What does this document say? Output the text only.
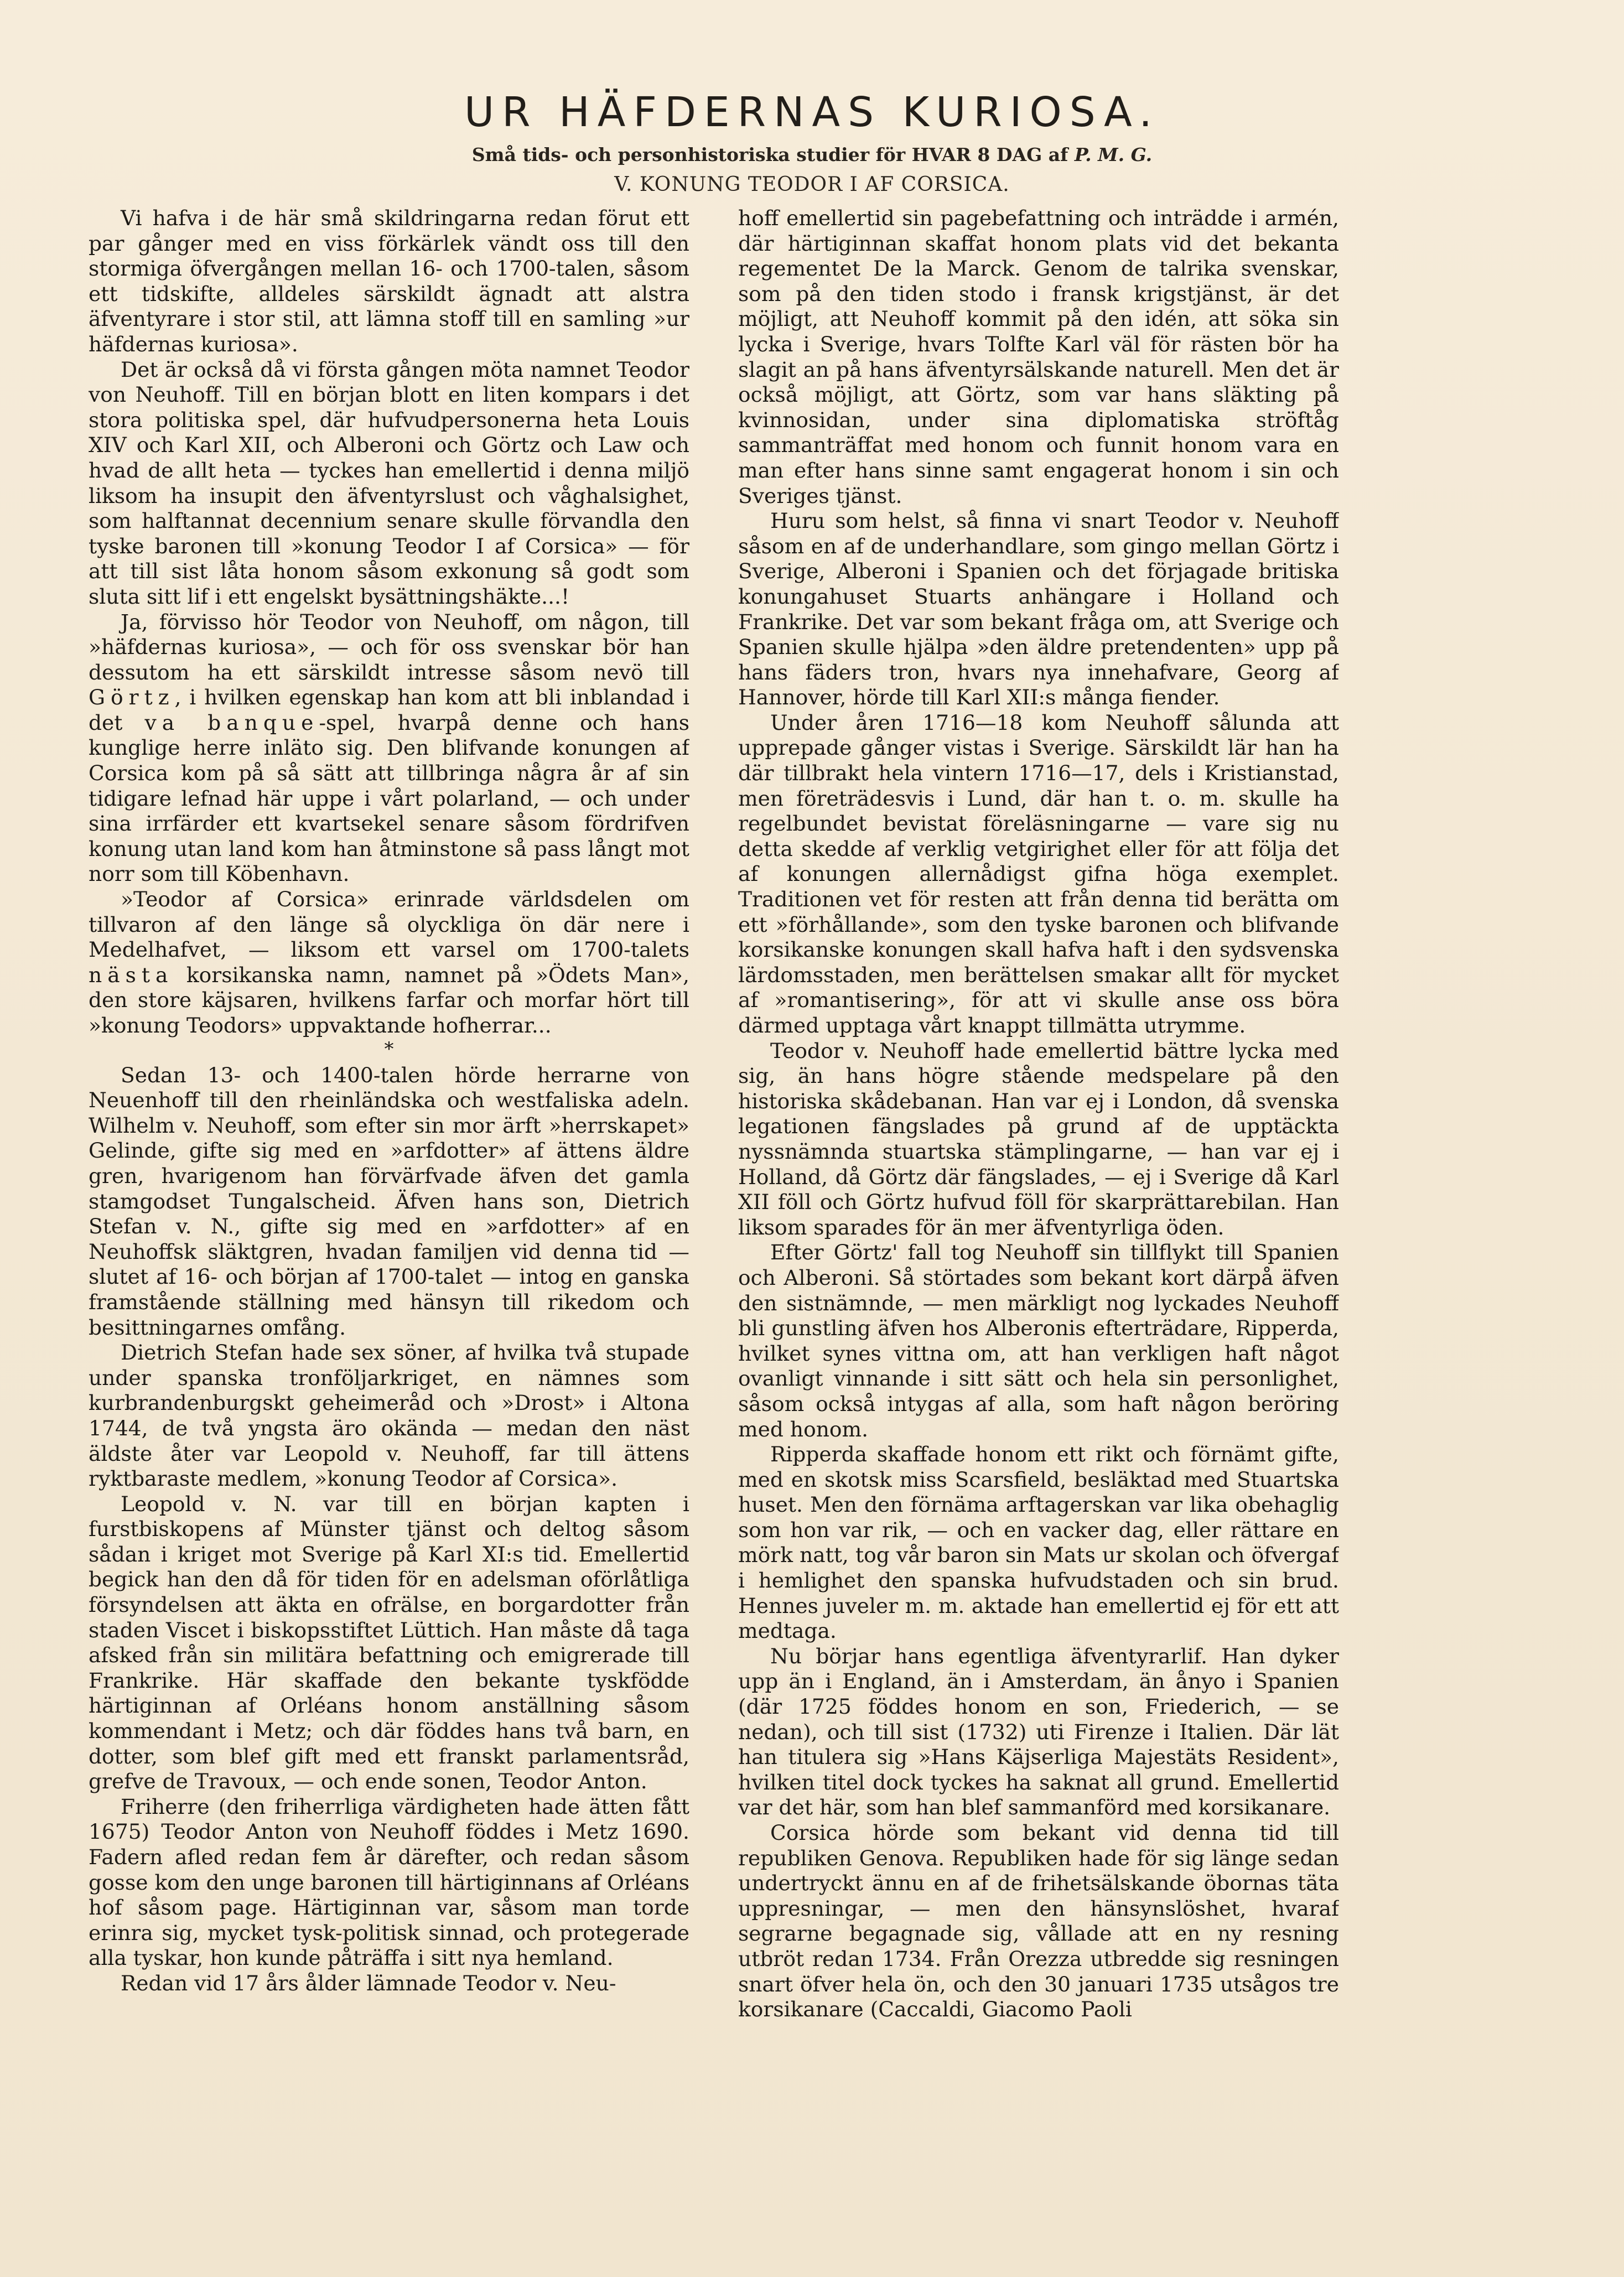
UR HÄFDERNAS KURIOSA.
Små tids- och personhistoriska studier för HVAR 8 DAG af P. M. G.
V. KONUNG TEODOR I AF CORSICA.

Vi hafva i de här små skildringarna redan förut ett par gånger med en viss förkärlek vändt oss till den stormiga öfvergången mellan 16- och 1700-talen, såsom ett tidskifte, alldeles särskildt ägnadt att alstra äfventyrare i stor stil, att lämna stoff till en samling »ur häfdernas kuriosa».

Det är också då vi första gången möta namnet Teodor von Neuhoff. Till en början blott en liten kompars i det stora politiska spel, där hufvudpersonerna heta Louis XIV och Karl XII, och Alberoni och Görtz och Law och hvad de allt heta — tyckes han emellertid i denna miljö liksom ha insupit den äfventyrslust och våghalsighet, som halftannat decennium senare skulle förvandla den tyske baronen till »konung Teodor I af Corsica» — för att till sist låta honom såsom exkonung så godt som sluta sitt lif i ett engelskt bysättningshäkte...!

Ja, förvisso hör Teodor von Neuhoff, om någon, till »häfdernas kuriosa», — och för oss svenskar bör han dessutom ha ett särskildt intresse såsom nevö till Görtz, i hvilken egenskap han kom att bli inblandad i det va banque-spel, hvarpå denne och hans kunglige herre inläto sig. Den blifvande konungen af Corsica kom på så sätt att tillbringa några år af sin tidigare lefnad här uppe i vårt polarland, — och under sina irrfärder ett kvartsekel senare såsom fördrifven konung utan land kom han åtminstone så pass långt mot norr som till Köbenhavn.

»Teodor af Corsica» erinrade världsdelen om tillvaron af den länge så olyckliga ön där nere i Medelhafvet, — liksom ett varsel om 1700-talets nästa korsikanska namn, namnet på »Ödets Man», den store käjsaren, hvilkens farfar och morfar hört till »konung Teodors» uppvaktande hofherrar...

*

Sedan 13- och 1400-talen hörde herrarne von Neuenhoff till den rheinländska och westfaliska adeln. Wilhelm v. Neuhoff, som efter sin mor ärft »herrskapet» Gelinde, gifte sig med en »arfdotter» af ättens äldre gren, hvarigenom han förvärfvade äfven det gamla stamgodset Tungalscheid. Äfven hans son, Dietrich Stefan v. N., gifte sig med en »arfdotter» af en Neuhoffsk släktgren, hvadan familjen vid denna tid — slutet af 16- och början af 1700-talet — intog en ganska framstående ställning med hänsyn till rikedom och besittningarnes omfång.

Dietrich Stefan hade sex söner, af hvilka två stupade under spanska tronföljarkriget, en nämnes som kurbrandenburgskt geheimeråd och »Drost» i Altona 1744, de två yngsta äro okända — medan den näst äldste åter var Leopold v. Neuhoff, far till ättens ryktbaraste medlem, »konung Teodor af Corsica».

Leopold v. N. var till en början kapten i furstbiskopens af Münster tjänst och deltog såsom sådan i kriget mot Sverige på Karl XI:s tid. Emellertid begick han den då för tiden för en adelsman oförlåtliga försyndelsen att äkta en ofrälse, en borgardotter från staden Viscet i biskopsstiftet Lüttich. Han måste då taga afsked från sin militära befattning och emigrerade till Frankrike. Här skaffade den bekante tyskfödde härtiginnan af Orléans honom anställning såsom kommendant i Metz; och där föddes hans två barn, en dotter, som blef gift med ett franskt parlamentsråd, grefve de Travoux, — och ende sonen, Teodor Anton.

Friherre (den friherrliga värdigheten hade ätten fått 1675) Teodor Anton von Neuhoff föddes i Metz 1690. Fadern afled redan fem år därefter, och redan såsom gosse kom den unge baronen till härtiginnans af Orléans hof såsom page. Härtiginnan var, såsom man torde erinra sig, mycket tysk-politisk sinnad, och protegerade alla tyskar, hon kunde påträffa i sitt nya hemland.

Redan vid 17 års ålder lämnade Teodor v. Neu-

hoff emellertid sin pagebefattning och inträdde i armén, där härtiginnan skaffat honom plats vid det bekanta regementet De la Marck. Genom de talrika svenskar, som på den tiden stodo i fransk krigstjänst, är det möjligt, att Neuhoff kommit på den idén, att söka sin lycka i Sverige, hvars Tolfte Karl väl för rästen bör ha slagit an på hans äfventyrsälskande naturell. Men det är också möjligt, att Görtz, som var hans släkting på kvinnosidan, under sina diplomatiska ströftåg sammanträffat med honom och funnit honom vara en man efter hans sinne samt engagerat honom i sin och Sveriges tjänst.

Huru som helst, så finna vi snart Teodor v. Neuhoff såsom en af de underhandlare, som gingo mellan Görtz i Sverige, Alberoni i Spanien och det förjagade britiska konungahuset Stuarts anhängare i Holland och Frankrike. Det var som bekant fråga om, att Sverige och Spanien skulle hjälpa »den äldre pretendenten» upp på hans fäders tron, hvars nya innehafvare, Georg af Hannover, hörde till Karl XII:s många fiender.

Under åren 1716—18 kom Neuhoff sålunda att upprepade gånger vistas i Sverige. Särskildt lär han ha där tillbrakt hela vintern 1716—17, dels i Kristianstad, men företrädesvis i Lund, där han t. o. m. skulle ha regelbundet bevistat föreläsningarne — vare sig nu detta skedde af verklig vetgirighet eller för att följa det af konungen allernådigst gifna höga exemplet. Traditionen vet för resten att från denna tid berätta om ett »förhållande», som den tyske baronen och blifvande korsikanske konungen skall hafva haft i den sydsvenska lärdomsstaden, men berättelsen smakar allt för mycket af »romantisering», för att vi skulle anse oss böra därmed upptaga vårt knappt tillmätta utrymme.

Teodor v. Neuhoff hade emellertid bättre lycka med sig, än hans högre stående medspelare på den historiska skådebanan. Han var ej i London, då svenska legationen fängslades på grund af de upptäckta nyssnämnda stuartska stämplingarne, — han var ej i Holland, då Görtz där fängslades, — ej i Sverige då Karl XII föll och Görtz hufvud föll för skarprättarebilan. Han liksom sparades för än mer äfventyrliga öden.

Efter Görtz' fall tog Neuhoff sin tillflykt till Spanien och Alberoni. Så störtades som bekant kort därpå äfven den sistnämnde, — men märkligt nog lyckades Neuhoff bli gunstling äfven hos Alberonis efterträdare, Ripperda, hvilket synes vittna om, att han verkligen haft något ovanligt vinnande i sitt sätt och hela sin personlighet, såsom också intygas af alla, som haft någon beröring med honom.

Ripperda skaffade honom ett rikt och förnämt gifte, med en skotsk miss Scarsfield, besläktad med Stuartska huset. Men den förnäma arftagerskan var lika obehaglig som hon var rik, — och en vacker dag, eller rättare en mörk natt, tog vår baron sin Mats ur skolan och öfvergaf i hemlighet den spanska hufvudstaden och sin brud. Hennes juveler m. m. aktade han emellertid ej för ett att medtaga.

Nu börjar hans egentliga äfventyrarlif. Han dyker upp än i England, än i Amsterdam, än ånyo i Spanien (där 1725 föddes honom en son, Friederich, — se nedan), och till sist (1732) uti Firenze i Italien. Där lät han titulera sig »Hans Käjserliga Majestäts Resident», hvilken titel dock tyckes ha saknat all grund. Emellertid var det här, som han blef sammanförd med korsikanare.

Corsica hörde som bekant vid denna tid till republiken Genova. Republiken hade för sig länge sedan undertryckt ännu en af de frihetsälskande öbornas täta uppresningar, — men den hänsynslöshet, hvaraf segrarne begagnade sig, vållade att en ny resning utbröt redan 1734. Från Orezza utbredde sig resningen snart öfver hela ön, och den 30 januari 1735 utsågos tre korsikanare (Caccaldi, Giacomo Paoli
